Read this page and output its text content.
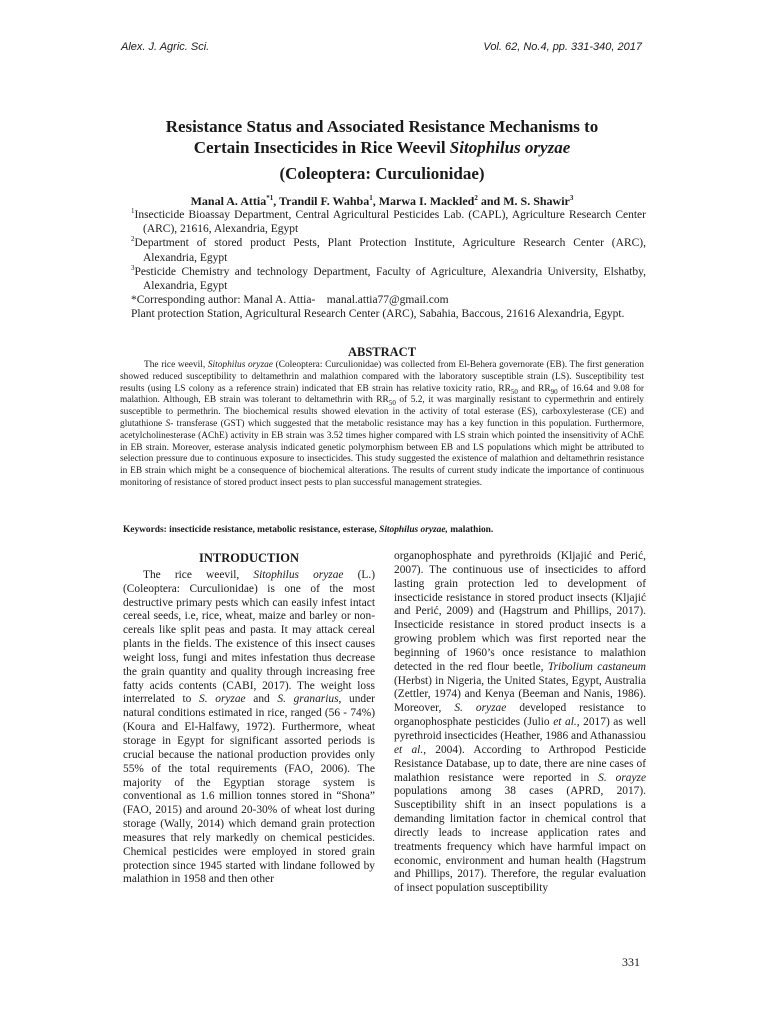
Alex. J. Agric. Sci.	Vol. 62, No.4, pp. 331-340, 2017
Resistance Status and Associated Resistance Mechanisms to
Certain Insecticides in Rice Weevil Sitophilus oryzae
(Coleoptera: Curculionidae)
Manal A. Attia$^{*1}$, Trandil F. Wahba$^1$, Marwa I. Mackled$^2$ and M. S. Shawir$^3$
$^1$Insecticide Bioassay Department, Central Agricultural Pesticides Lab. (CAPL), Agriculture Research Center (ARC), 21616, Alexandria, Egypt
$^2$Department of stored product Pests, Plant Protection Institute, Agriculture Research Center (ARC), Alexandria, Egypt
$^3$Pesticide Chemistry and technology Department, Faculty of Agriculture, Alexandria University, Elshatby, Alexandria, Egypt
*Corresponding author: Manal A. Attia-    manal.attia77@gmail.com
Plant protection Station, Agricultural Research Center (ARC), Sabahia, Baccous, 21616 Alexandria, Egypt.
ABSTRACT
The rice weevil, Sitophilus oryzae (Coleoptera: Curculionidae) was collected from El-Behera governorate (EB). The first generation showed reduced susceptibility to deltamethrin and malathion compared with the laboratory susceptible strain (LS). Susceptibility test results (using LS colony as a reference strain) indicated that EB strain has relative toxicity ratio, $RR_{50}$ and $RR_{90}$ of 16.64 and 9.08 for malathion. Although, EB strain was tolerant to deltamethrin with $RR_{50}$ of 5.2, it was marginally resistant to cypermethrin and entirely susceptible to permethrin. The biochemical results showed elevation in the activity of total esterase (ES), carboxylesterase (CE) and glutathione S- transferase (GST) which suggested that the metabolic resistance may has a key function in this population. Furthermore, acetylcholinesterase (AChE) activity in EB strain was 3.52 times higher compared with LS strain which pointed the insensitivity of AChE in EB strain. Moreover, esterase analysis indicated genetic polymorphism between EB and LS populations which might be attributed to selection pressure due to continuous exposure to insecticides. This study suggested the existence of malathion and deltamethrin resistance in EB strain which might be a consequence of biochemical alterations. The results of current study indicate the importance of continuous monitoring of resistance of stored product insect pests to plan successful management strategies.
Keywords: insecticide resistance, metabolic resistance, esterase, Sitophilus oryzae, malathion.
INTRODUCTION
The rice weevil, Sitophilus oryzae (L.) (Coleoptera: Curculionidae) is one of the most destructive primary pests which can easily infest intact cereal seeds, i.e, rice, wheat, maize and barley or non-cereals like split peas and pasta. It may attack cereal plants in the fields. The existence of this insect causes weight loss, fungi and mites infestation thus decrease the grain quantity and quality through increasing free fatty acids contents (CABI, 2017). The weight loss interrelated to S. oryzae and S. granarius, under natural conditions estimated in rice, ranged (56 - 74%) (Koura and El-Halfawy, 1972). Furthermore, wheat storage in Egypt for significant assorted periods is crucial because the national production provides only 55% of the total requirements (FAO, 2006). The majority of the Egyptian storage system is conventional as 1.6 million tonnes stored in “Shona” (FAO, 2015) and around 20-30% of wheat lost during storage (Wally, 2014) which demand grain protection measures that rely markedly on chemical pesticides. Chemical pesticides were employed in stored grain protection since 1945 started with lindane followed by malathion in 1958 and then other
organophosphate and pyrethroids (Kljajić and Perić, 2007). The continuous use of insecticides to afford lasting grain protection led to development of insecticide resistance in stored product insects (Kljajić and Perić, 2009) and (Hagstrum and Phillips, 2017). Insecticide resistance in stored product insects is a growing problem which was first reported near the beginning of 1960’s once resistance to malathion detected in the red flour beetle, Tribolium castaneum (Herbst) in Nigeria, the United States, Egypt, Australia (Zettler, 1974) and Kenya (Beeman and Nanis, 1986). Moreover, S. oryzae developed resistance to organophosphate pesticides (Julio et al., 2017) as well pyrethroid insecticides (Heather, 1986 and Athanassiou et al., 2004). According to Arthropod Pesticide Resistance Database, up to date, there are nine cases of malathion resistance were reported in S. orayze populations among 38 cases (APRD, 2017). Susceptibility shift in an insect populations is a demanding limitation factor in chemical control that directly leads to increase application rates and treatments frequency which have harmful impact on economic, environment and human health (Hagstrum and Phillips, 2017). Therefore, the regular evaluation of insect population susceptibility
331
